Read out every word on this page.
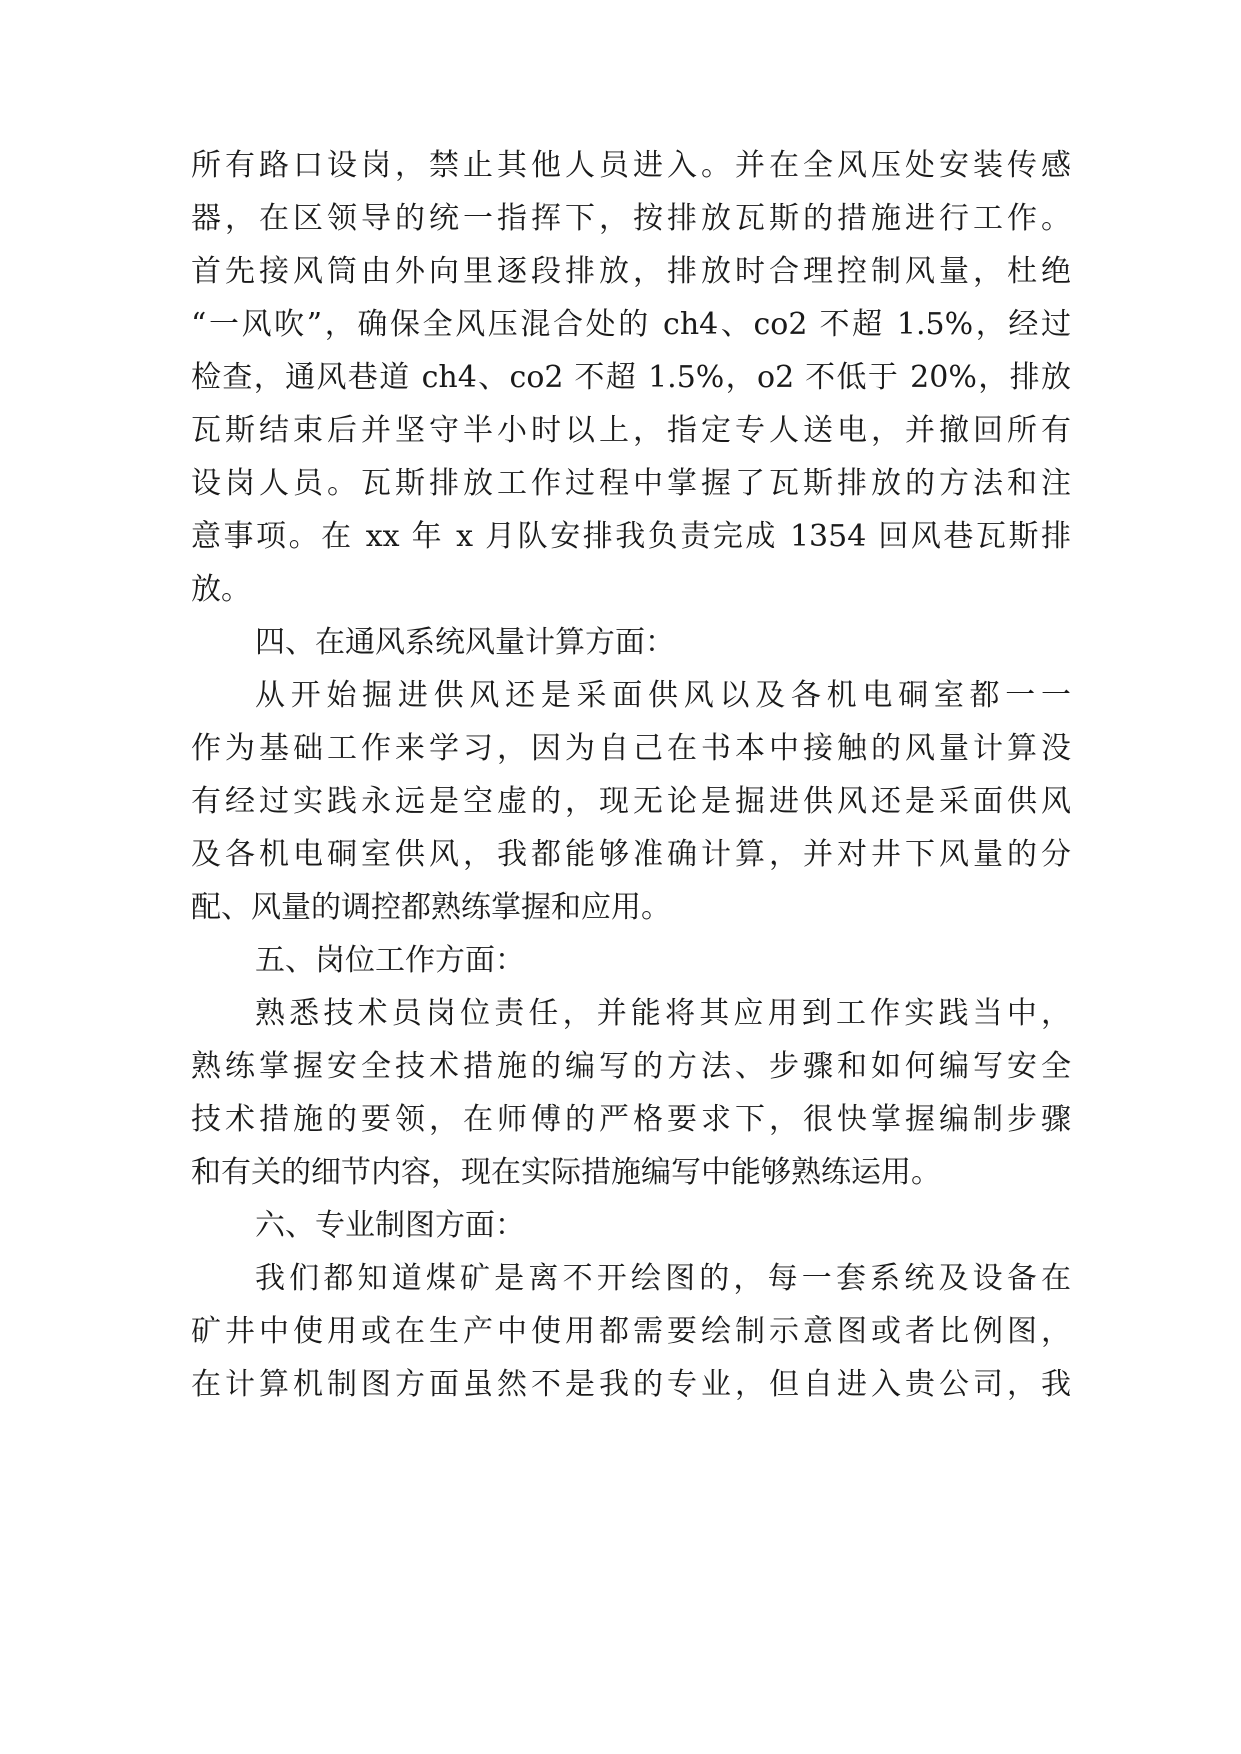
所有路口设岗，禁止其他人员进入。并在全风压处安装传感
器，在区领导的统一指挥下，按排放瓦斯的措施进行工作。
首先接风筒由外向里逐段排放，排放时合理控制风量，杜绝
“一风吹”，确保全风压混合处的 ch4、co2 不超 1.5%，经过
检查，通风巷道 ch4、co2 不超 1.5%，o2 不低于 20%，排放
瓦斯结束后并坚守半小时以上，指定专人送电，并撤回所有
设岗人员。瓦斯排放工作过程中掌握了瓦斯排放的方法和注
意事项。在 xx 年 x 月队安排我负责完成 1354 回风巷瓦斯排
放。
四、在通风系统风量计算方面：
从开始掘进供风还是采面供风以及各机电硐室都一一
作为基础工作来学习，因为自己在书本中接触的风量计算没
有经过实践永远是空虚的，现无论是掘进供风还是采面供风
及各机电硐室供风，我都能够准确计算，并对井下风量的分
配、风量的调控都熟练掌握和应用。
五、岗位工作方面：
熟悉技术员岗位责任，并能将其应用到工作实践当中，
熟练掌握安全技术措施的编写的方法、步骤和如何编写安全
技术措施的要领，在师傅的严格要求下，很快掌握编制步骤
和有关的细节内容，现在实际措施编写中能够熟练运用。
六、专业制图方面：
我们都知道煤矿是离不开绘图的，每一套系统及设备在
矿井中使用或在生产中使用都需要绘制示意图或者比例图，
在计算机制图方面虽然不是我的专业，但自进入贵公司，我
